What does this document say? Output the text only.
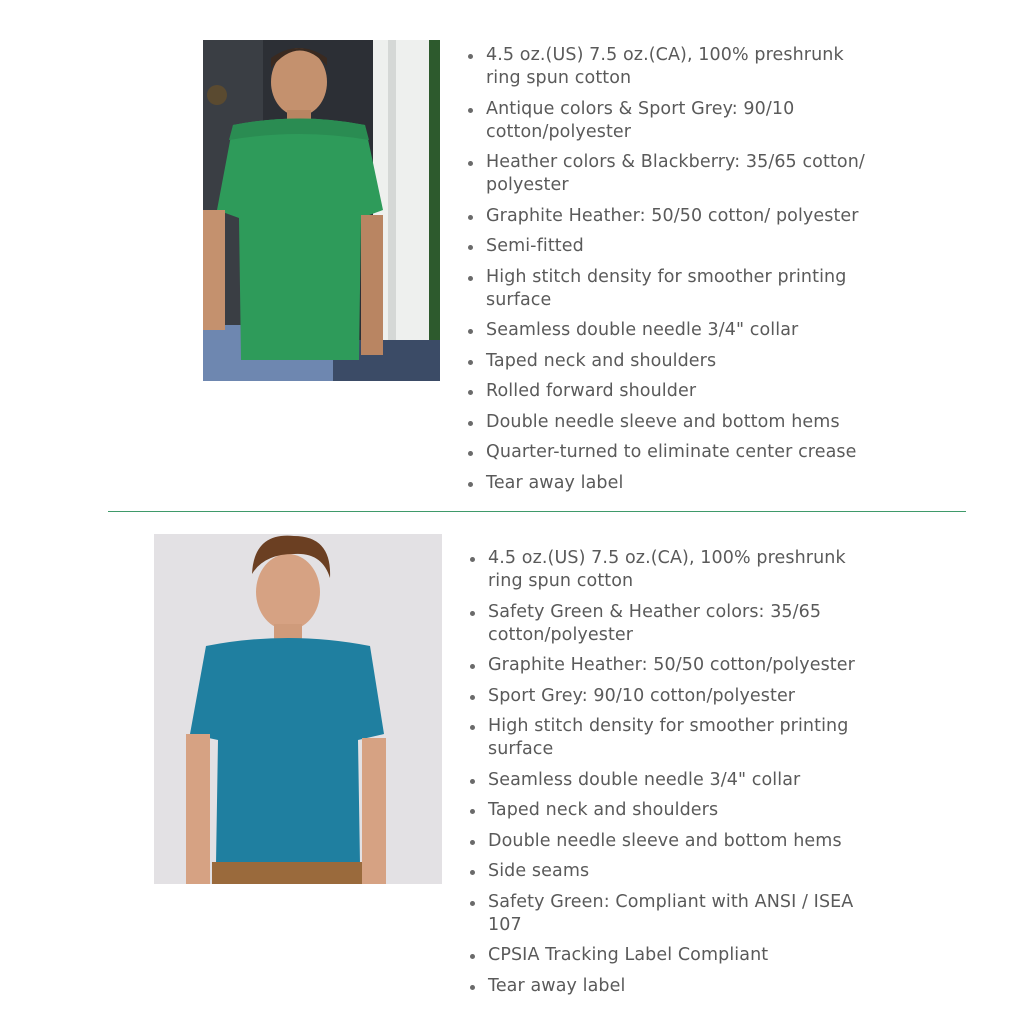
4.5 oz.(US) 7.5 oz.(CA), 100% preshrunk ring spun cotton
Antique colors & Sport Grey: 90/10 cotton/polyester
Heather colors & Blackberry: 35/65 cotton/ polyester
Graphite Heather: 50/50 cotton/ polyester
Semi-fitted
High stitch density for smoother printing surface
Seamless double needle 3/4" collar
Taped neck and shoulders
Rolled forward shoulder
Double needle sleeve and bottom hems
Quarter-turned to eliminate center crease
Tear away label
4.5 oz.(US) 7.5 oz.(CA), 100% preshrunk ring spun cotton
Safety Green & Heather colors: 35/65 cotton/polyester
Graphite Heather: 50/50 cotton/polyester
Sport Grey: 90/10 cotton/polyester
High stitch density for smoother printing surface
Seamless double needle 3/4" collar
Taped neck and shoulders
Double needle sleeve and bottom hems
Side seams
Safety Green: Compliant with ANSI / ISEA 107
CPSIA Tracking Label Compliant
Tear away label
